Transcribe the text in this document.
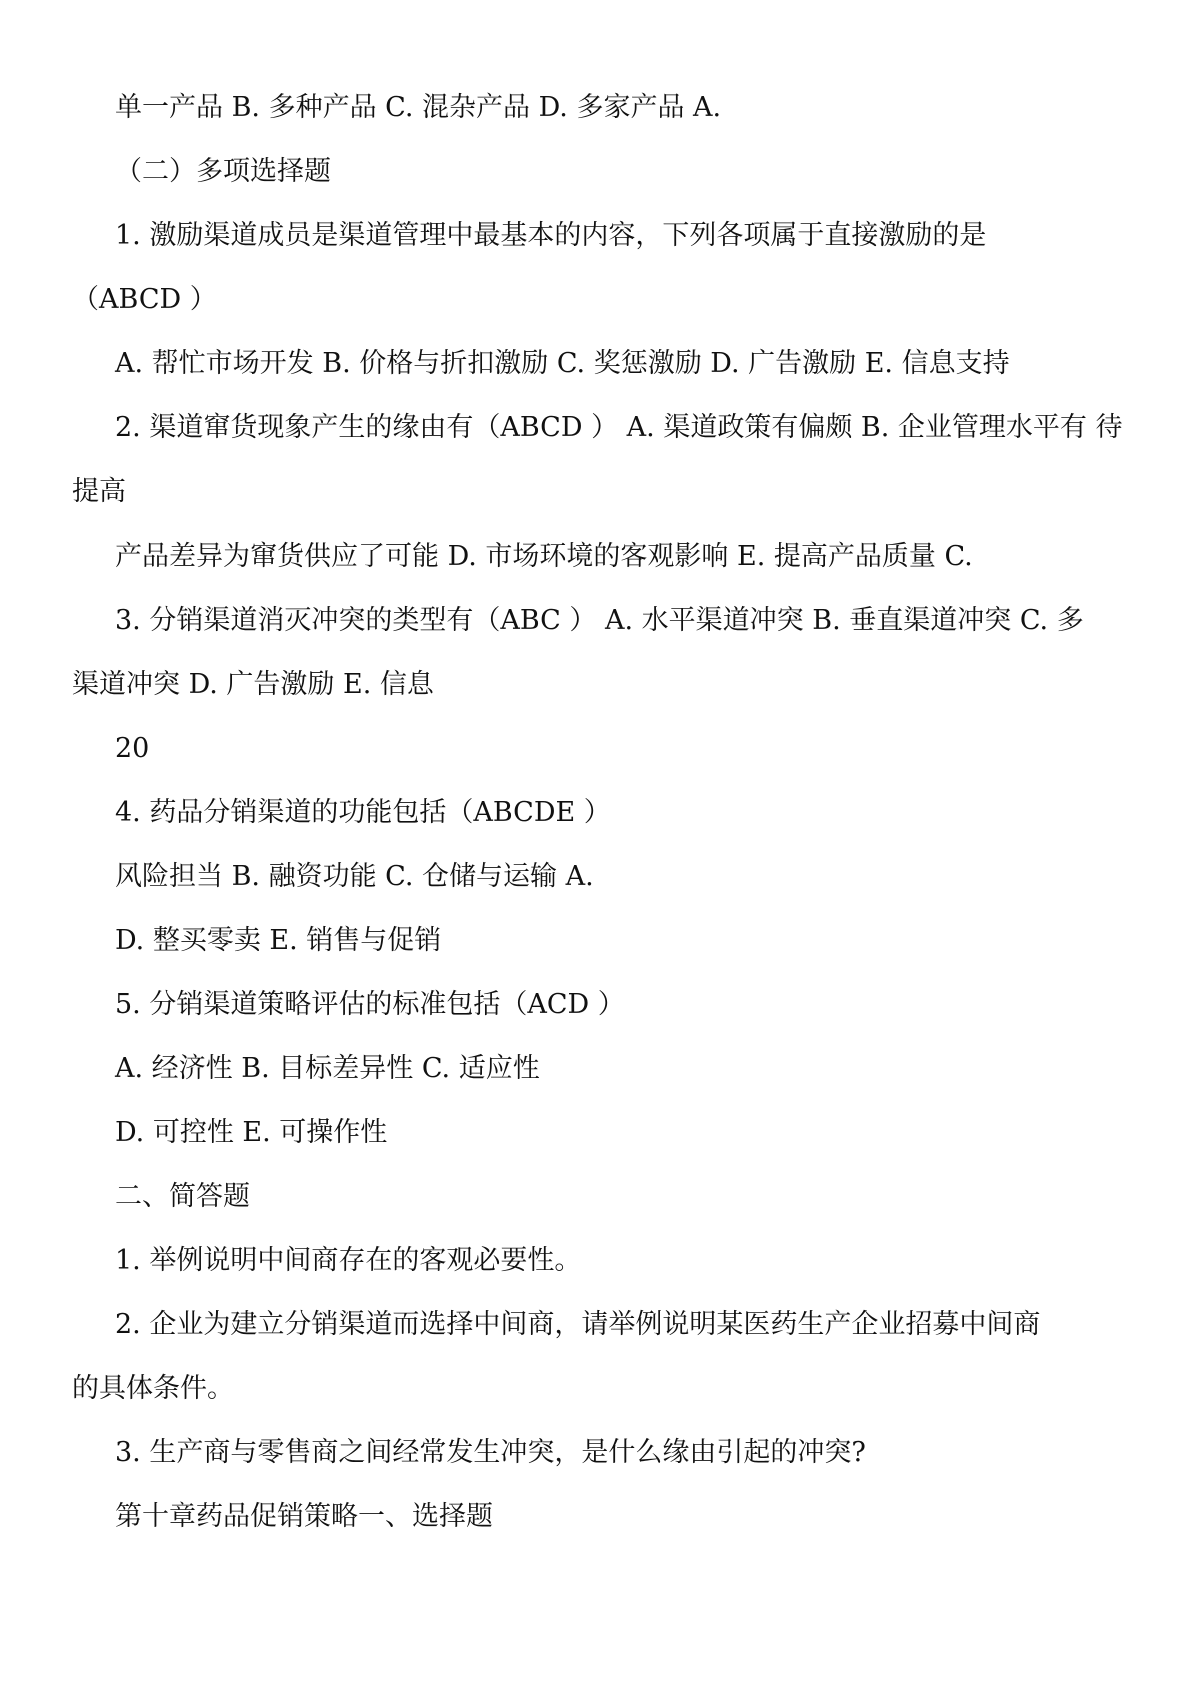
单一产品 B. 多种产品 C. 混杂产品 D. 多家产品 A.
（二）多项选择题
1. 激励渠道成员是渠道管理中最基本的内容，下列各项属于直接激励的是
（ABCD ）
A. 帮忙市场开发 B. 价格与折扣激励 C. 奖惩激励 D. 广告激励 E. 信息支持
2. 渠道窜货现象产生的缘由有（ABCD ） A. 渠道政策有偏颇 B. 企业管理水平有 待
提高
产品差异为窜货供应了可能 D. 市场环境的客观影响 E. 提高产品质量 C.
3. 分销渠道消灭冲突的类型有（ABC ） A. 水平渠道冲突 B. 垂直渠道冲突 C. 多
渠道冲突 D. 广告激励 E. 信息
20
4. 药品分销渠道的功能包括（ABCDE ）
风险担当 B. 融资功能 C. 仓储与运输 A.
D. 整买零卖 E. 销售与促销
5. 分销渠道策略评估的标准包括（ACD ）
A. 经济性 B. 目标差异性 C. 适应性
D. 可控性 E. 可操作性
二、简答题
1. 举例说明中间商存在的客观必要性。
2. 企业为建立分销渠道而选择中间商，请举例说明某医药生产企业招募中间商
的具体条件。
3. 生产商与零售商之间经常发生冲突，是什么缘由引起的冲突?
第十章药品促销策略一、选择题
